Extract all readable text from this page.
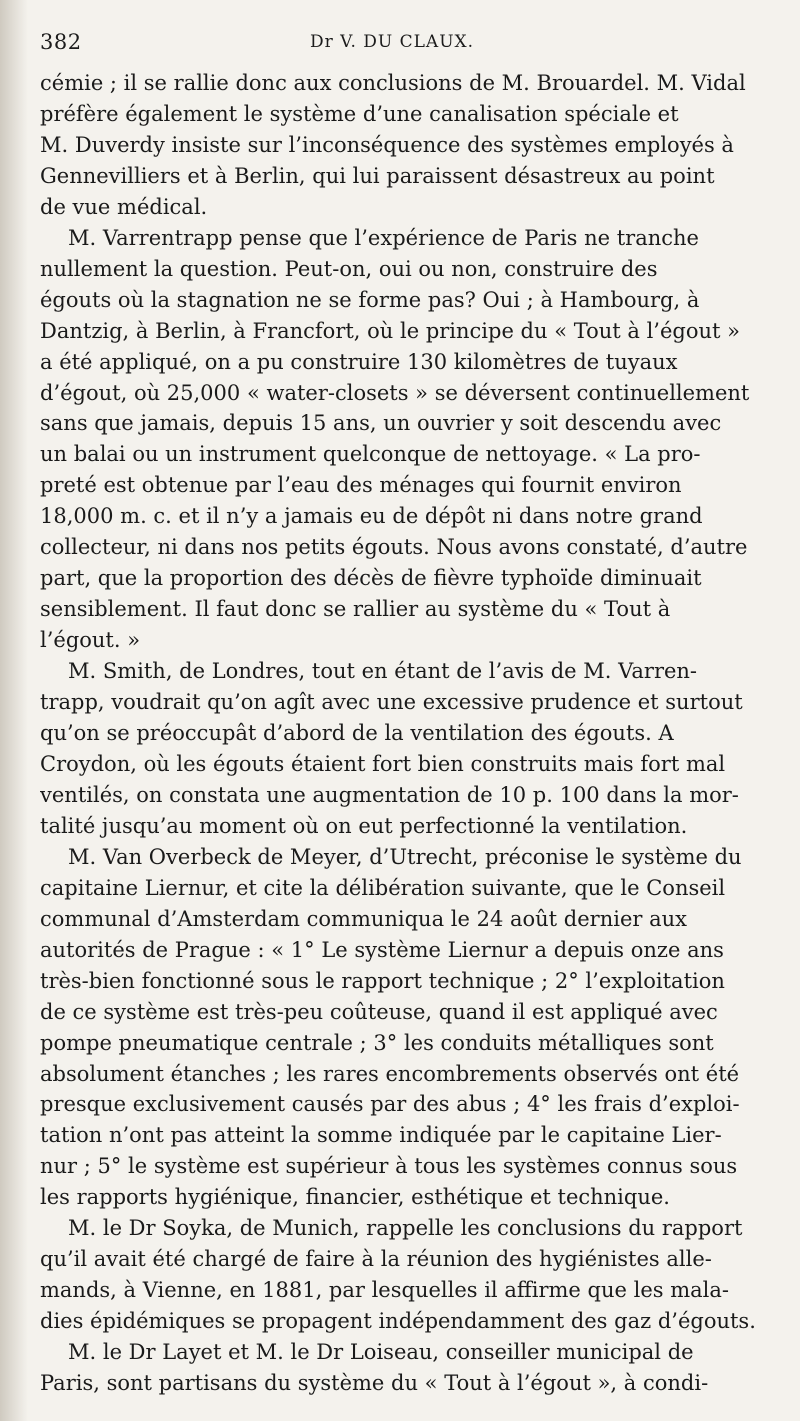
382	Dr V. DU CLAUX.

cémie ; il se rallie donc aux conclusions de M. Brouardel. M. Vidal
préfère également le système d’une canalisation spéciale et
M. Duverdy insiste sur l’inconséquence des systèmes employés à
Gennevilliers et à Berlin, qui lui paraissent désastreux au point
de vue médical.

M. Varrentrapp pense que l’expérience de Paris ne tranche
nullement la question. Peut-on, oui ou non, construire des
égouts où la stagnation ne se forme pas? Oui ; à Hambourg, à
Dantzig, à Berlin, à Francfort, où le principe du « Tout à l’égout »
a été appliqué, on a pu construire 130 kilomètres de tuyaux
d’égout, où 25,000 « water-closets » se déversent continuellement
sans que jamais, depuis 15 ans, un ouvrier y soit descendu avec
un balai ou un instrument quelconque de nettoyage. « La pro-
preté est obtenue par l’eau des ménages qui fournit environ
18,000 m. c. et il n’y a jamais eu de dépôt ni dans notre grand
collecteur, ni dans nos petits égouts. Nous avons constaté, d’autre
part, que la proportion des décès de fièvre typhoïde diminuait
sensiblement. Il faut donc se rallier au système du « Tout à
l’égout. »

M. Smith, de Londres, tout en étant de l’avis de M. Varren-
trapp, voudrait qu’on agît avec une excessive prudence et surtout
qu’on se préoccupât d’abord de la ventilation des égouts. A
Croydon, où les égouts étaient fort bien construits mais fort mal
ventilés, on constata une augmentation de 10 p. 100 dans la mor-
talité jusqu’au moment où on eut perfectionné la ventilation.

M. Van Overbeck de Meyer, d’Utrecht, préconise le système du
capitaine Liernur, et cite la délibération suivante, que le Conseil
communal d’Amsterdam communiqua le 24 août dernier aux
autorités de Prague : « 1° Le système Liernur a depuis onze ans
très-bien fonctionné sous le rapport technique ; 2° l’exploitation
de ce système est très-peu coûteuse, quand il est appliqué avec
pompe pneumatique centrale ; 3° les conduits métalliques sont
absolument étanches ; les rares encombrements observés ont été
presque exclusivement causés par des abus ; 4° les frais d’exploi-
tation n’ont pas atteint la somme indiquée par le capitaine Lier-
nur ; 5° le système est supérieur à tous les systèmes connus sous
les rapports hygiénique, financier, esthétique et technique.

M. le Dr Soyka, de Munich, rappelle les conclusions du rapport
qu’il avait été chargé de faire à la réunion des hygiénistes alle-
mands, à Vienne, en 1881, par lesquelles il affirme que les mala-
dies épidémiques se propagent indépendamment des gaz d’égouts.

M. le Dr Layet et M. le Dr Loiseau, conseiller municipal de
Paris, sont partisans du système du « Tout à l’égout », à condi-
